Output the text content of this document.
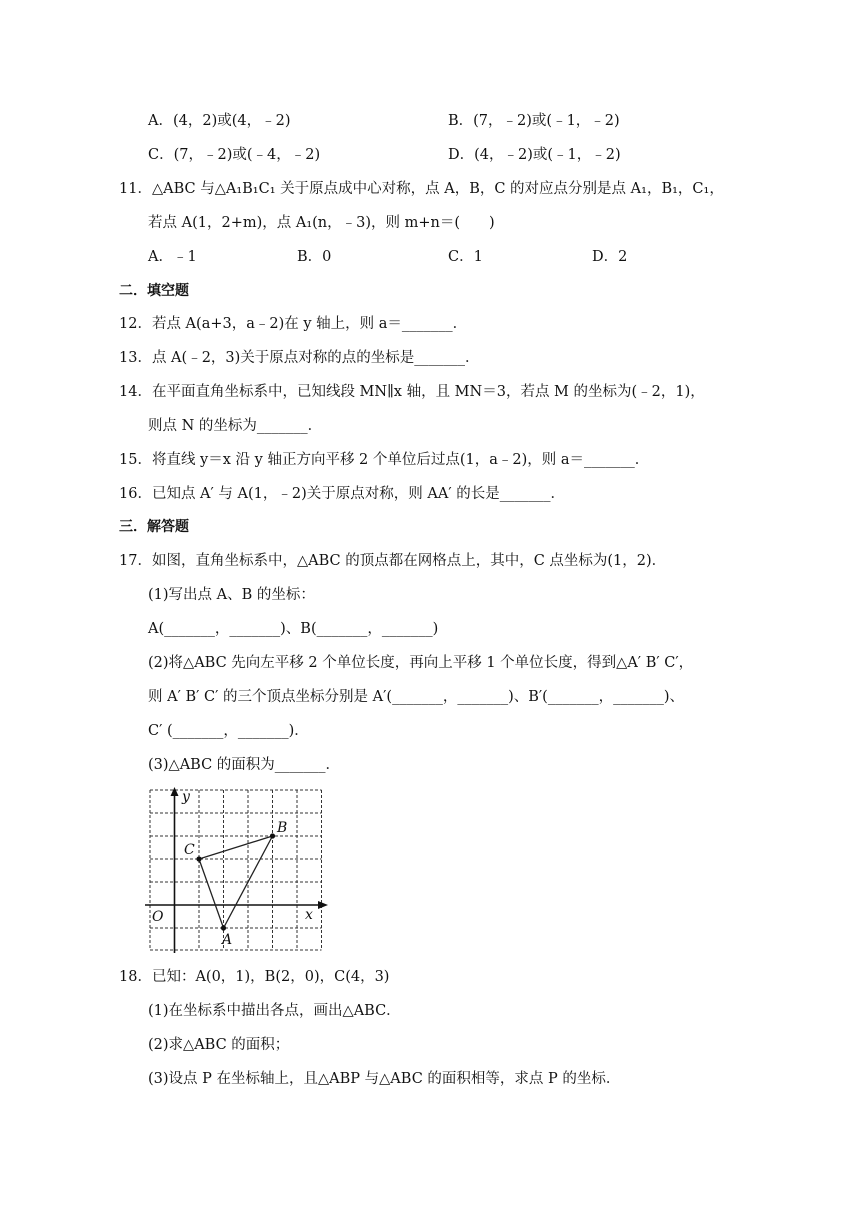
A．(4，2)或(4，﹣2)	B．(7，﹣2)或(﹣1，﹣2)
C．(7，﹣2)或(﹣4，﹣2)	D．(4，﹣2)或(﹣1，﹣2)
11．△ABC 与△A₁B₁C₁ 关于原点成中心对称，点 A，B，C 的对应点分别是点 A₁，B₁，C₁，
若点 A(1，2+m)，点 A₁(n，﹣3)，则 m+n＝(　　)
A．﹣1	B．0	C．1	D．2
二．填空题
12．若点 A(a+3，a﹣2)在 y 轴上，则 a＝_______．
13．点 A(﹣2，3)关于原点对称的点的坐标是_______．
14．在平面直角坐标系中，已知线段 MN∥x 轴，且 MN＝3，若点 M 的坐标为(﹣2，1)，
则点 N 的坐标为_______．
15．将直线 y＝x 沿 y 轴正方向平移 2 个单位后过点(1，a﹣2)，则 a＝_______．
16．已知点 A′ 与 A(1，﹣2)关于原点对称，则 AA′ 的长是_______．
三．解答题
17．如图，直角坐标系中，△ABC 的顶点都在网格点上，其中，C 点坐标为(1，2)．
(1)写出点 A、B 的坐标：
A(_______，_______)、B(_______，_______)
(2)将△ABC 先向左平移 2 个单位长度，再向上平移 1 个单位长度，得到△A′ B′ C′，
则 A′ B′ C′ 的三个顶点坐标分别是 A′(_______，_______)、B′(_______，_______)、
C′ (_______，_______)．
(3)△ABC 的面积为_______．
y
x
O
C
B
A
18．已知：A(0，1)，B(2，0)，C(4，3)
(1)在坐标系中描出各点，画出△ABC．
(2)求△ABC 的面积；
(3)设点 P 在坐标轴上，且△ABP 与△ABC 的面积相等，求点 P 的坐标．
